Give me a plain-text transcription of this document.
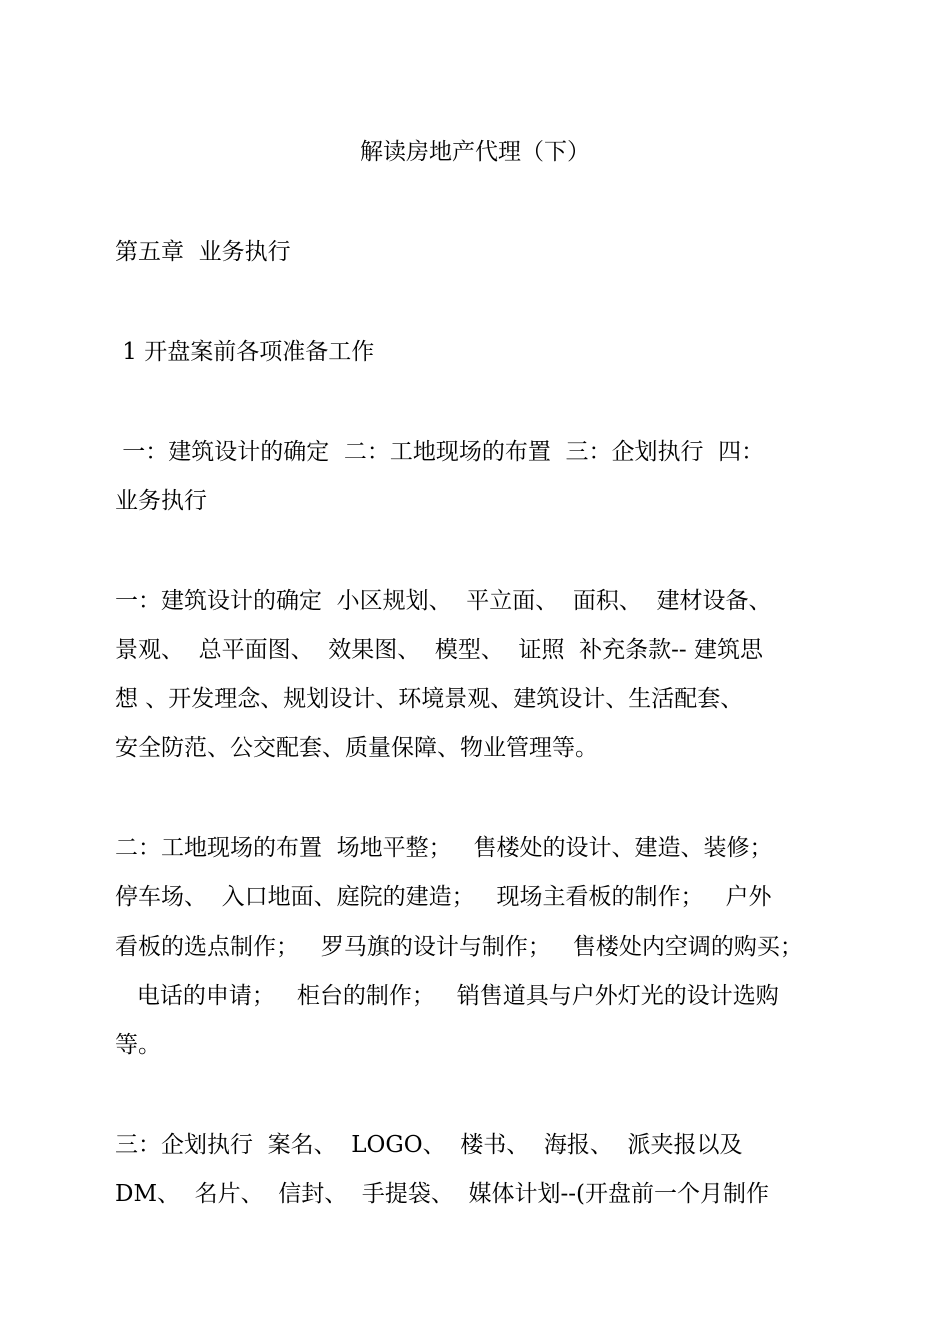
解读房地产代理（下）
第五章  业务执行
1 开盘案前各项准备工作
一：建筑设计的确定  二：工地现场的布置  三：企划执行  四：
业务执行
一：建筑设计的确定  小区规划、  平立面、  面积、  建材设备、
景观、  总平面图、  效果图、  模型、  证照  补充条款-- 建筑思
想 、开发理念、规划设计、环境景观、建筑设计、生活配套、
安全防范、公交配套、质量保障、物业管理等。
二：工地现场的布置  场地平整；   售楼处的设计、建造、装修；
停车场、  入口地面、庭院的建造；   现场主看板的制作；   户外
看板的选点制作；   罗马旗的设计与制作；   售楼处内空调的购买；
电话的申请；   柜台的制作；   销售道具与户外灯光的设计选购
等。
三：企划执行  案名、  LOGO、  楼书、  海报、  派夹报以及
DM、  名片、  信封、  手提袋、  媒体计划--(开盘前一个月制作
